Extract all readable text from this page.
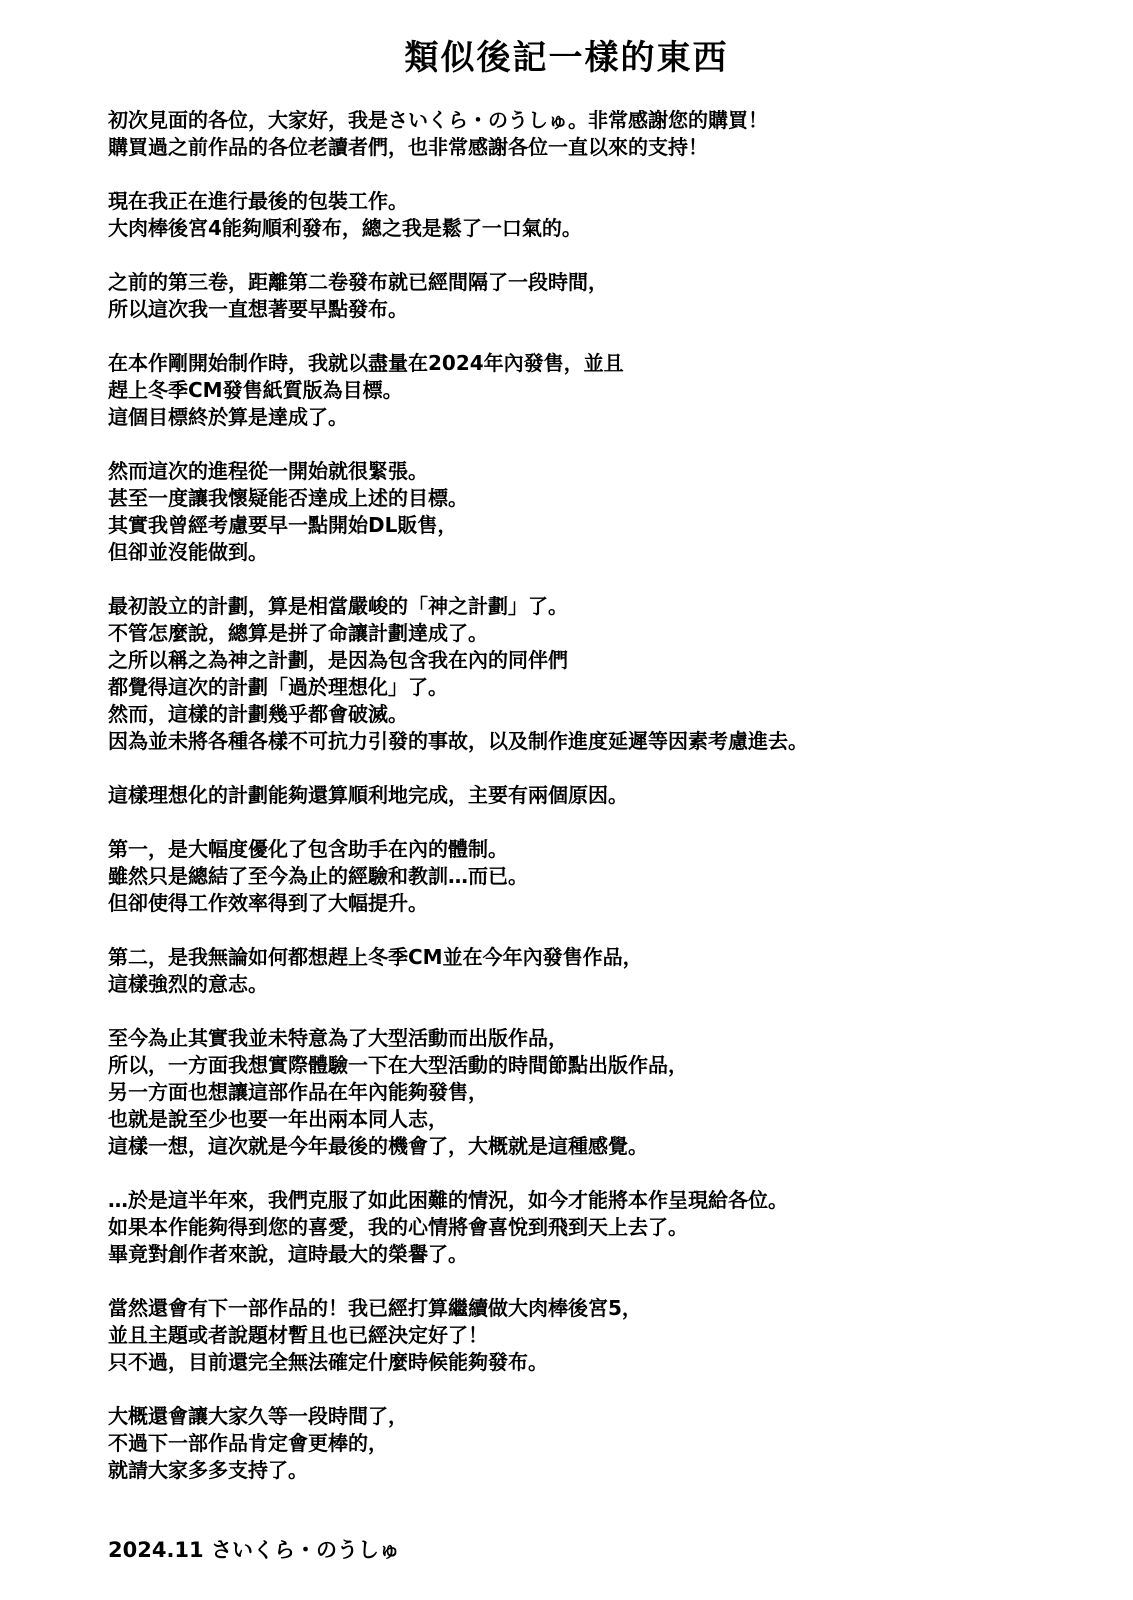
類似後記一樣的東西
初次見面的各位，大家好，我是さいくら・のうしゅ。非常感謝您的購買！
購買過之前作品的各位老讀者們，也非常感謝各位一直以來的支持！
現在我正在進行最後的包裝工作。
大肉棒後宮4能夠順利發布，總之我是鬆了一口氣的。
之前的第三卷，距離第二卷發布就已經間隔了一段時間，
所以這次我一直想著要早點發布。
在本作剛開始制作時，我就以盡量在2024年內發售，並且
趕上冬季CM發售紙質版為目標。
這個目標終於算是達成了。
然而這次的進程從一開始就很緊張。
甚至一度讓我懷疑能否達成上述的目標。
其實我曾經考慮要早一點開始DL販售，
但卻並沒能做到。
最初設立的計劃，算是相當嚴峻的「神之計劃」了。
不管怎麼說，總算是拼了命讓計劃達成了。
之所以稱之為神之計劃，是因為包含我在內的同伴們
都覺得這次的計劃「過於理想化」了。
然而，這樣的計劃幾乎都會破滅。
因為並未將各種各樣不可抗力引發的事故，以及制作進度延遲等因素考慮進去。
這樣理想化的計劃能夠還算順利地完成，主要有兩個原因。
第一，是大幅度優化了包含助手在內的體制。
雖然只是總結了至今為止的經驗和教訓…而已。
但卻使得工作效率得到了大幅提升。
第二，是我無論如何都想趕上冬季CM並在今年內發售作品，
這樣強烈的意志。
至今為止其實我並未特意為了大型活動而出版作品，
所以，一方面我想實際體驗一下在大型活動的時間節點出版作品，
另一方面也想讓這部作品在年內能夠發售，
也就是說至少也要一年出兩本同人志，
這樣一想，這次就是今年最後的機會了，大概就是這種感覺。
…於是這半年來，我們克服了如此困難的情況，如今才能將本作呈現給各位。
如果本作能夠得到您的喜愛，我的心情將會喜悅到飛到天上去了。
畢竟對創作者來說，這時最大的榮譽了。
當然還會有下一部作品的！我已經打算繼續做大肉棒後宮5，
並且主題或者說題材暫且也已經決定好了！
只不過，目前還完全無法確定什麼時候能夠發布。
大概還會讓大家久等一段時間了，
不過下一部作品肯定會更棒的，
就請大家多多支持了。
2024.11 さいくら・のうしゅ
